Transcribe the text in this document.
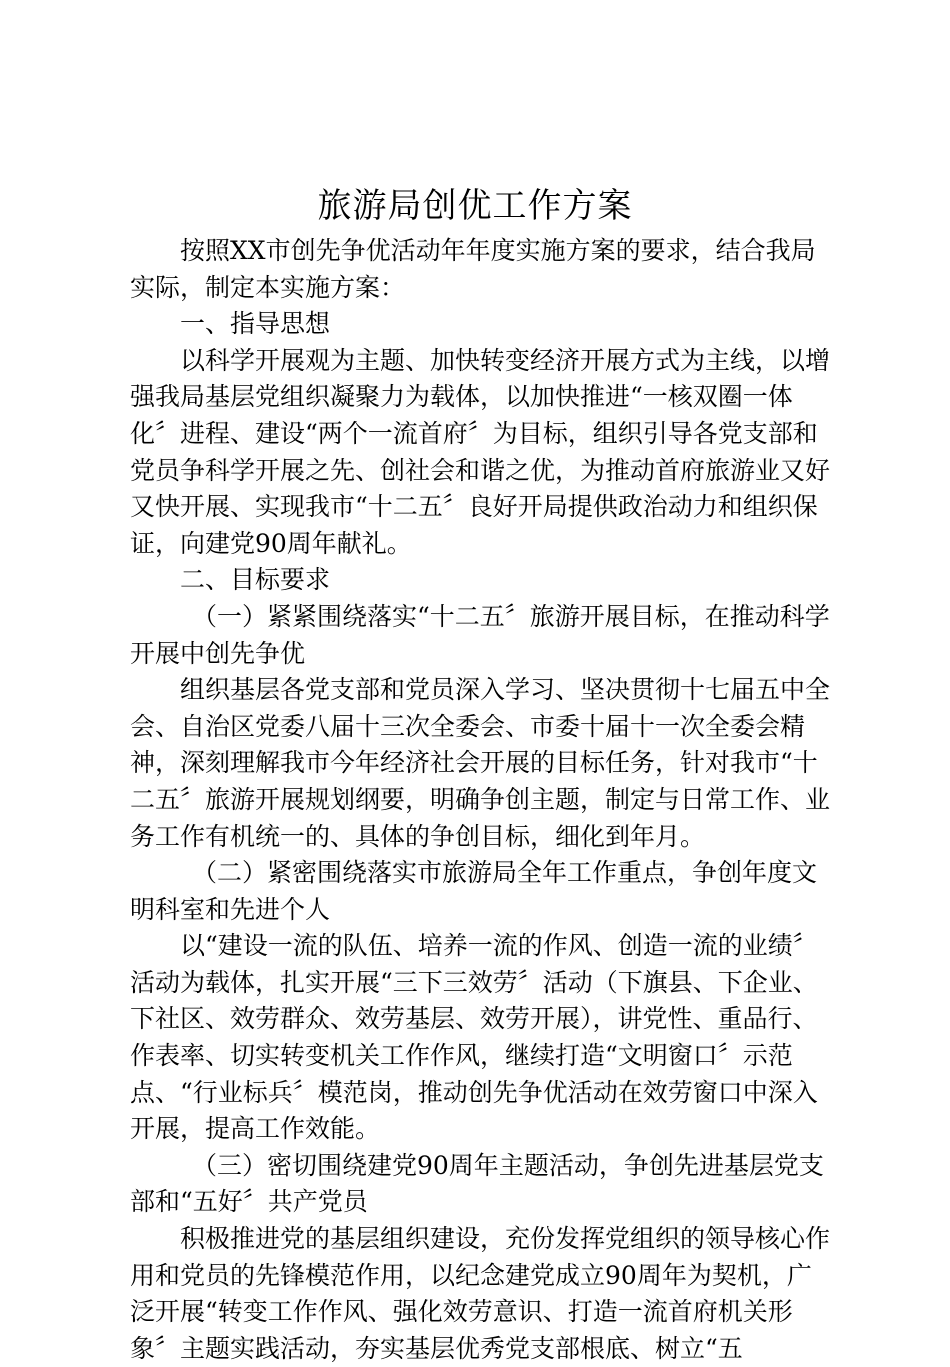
旅游局创优工作方案

按照XX市创先争优活动年年度实施方案的要求，结合我局实际，制定本实施方案：

一、指导思想

以科学开展观为主题、加快转变经济开展方式为主线，以增强我局基层党组织凝聚力为载体，以加快推进“一核双圈一体化〞进程、建设“两个一流首府〞为目标，组织引导各党支部和党员争科学开展之先、创社会和谐之优，为推动首府旅游业又好又快开展、实现我市“十二五〞良好开局提供政治动力和组织保证，向建党90周年献礼。

二、目标要求

（一）紧紧围绕落实“十二五〞旅游开展目标，在推动科学开展中创先争优

组织基层各党支部和党员深入学习、坚决贯彻十七届五中全会、自治区党委八届十三次全委会、市委十届十一次全委会精神，深刻理解我市今年经济社会开展的目标任务，针对我市“十二五〞旅游开展规划纲要，明确争创主题，制定与日常工作、业务工作有机统一的、具体的争创目标，细化到年月。

（二）紧密围绕落实市旅游局全年工作重点，争创年度文明科室和先进个人

以“建设一流的队伍、培养一流的作风、创造一流的业绩〞活动为载体，扎实开展“三下三效劳〞活动（下旗县、下企业、下社区、效劳群众、效劳基层、效劳开展），讲党性、重品行、作表率、切实转变机关工作作风，继续打造“文明窗口〞示范点、“行业标兵〞模范岗，推动创先争优活动在效劳窗口中深入开展，提高工作效能。

（三）密切围绕建党90周年主题活动，争创先进基层党支部和“五好〞共产党员

积极推进党的基层组织建设，充份发挥党组织的领导核心作用和党员的先锋模范作用，以纪念建党成立90周年为契机，广泛开展“转变工作作风、强化效劳意识、打造一流首府机关形象〞主题实践活动，夯实基层优秀党支部根底、树立“五
